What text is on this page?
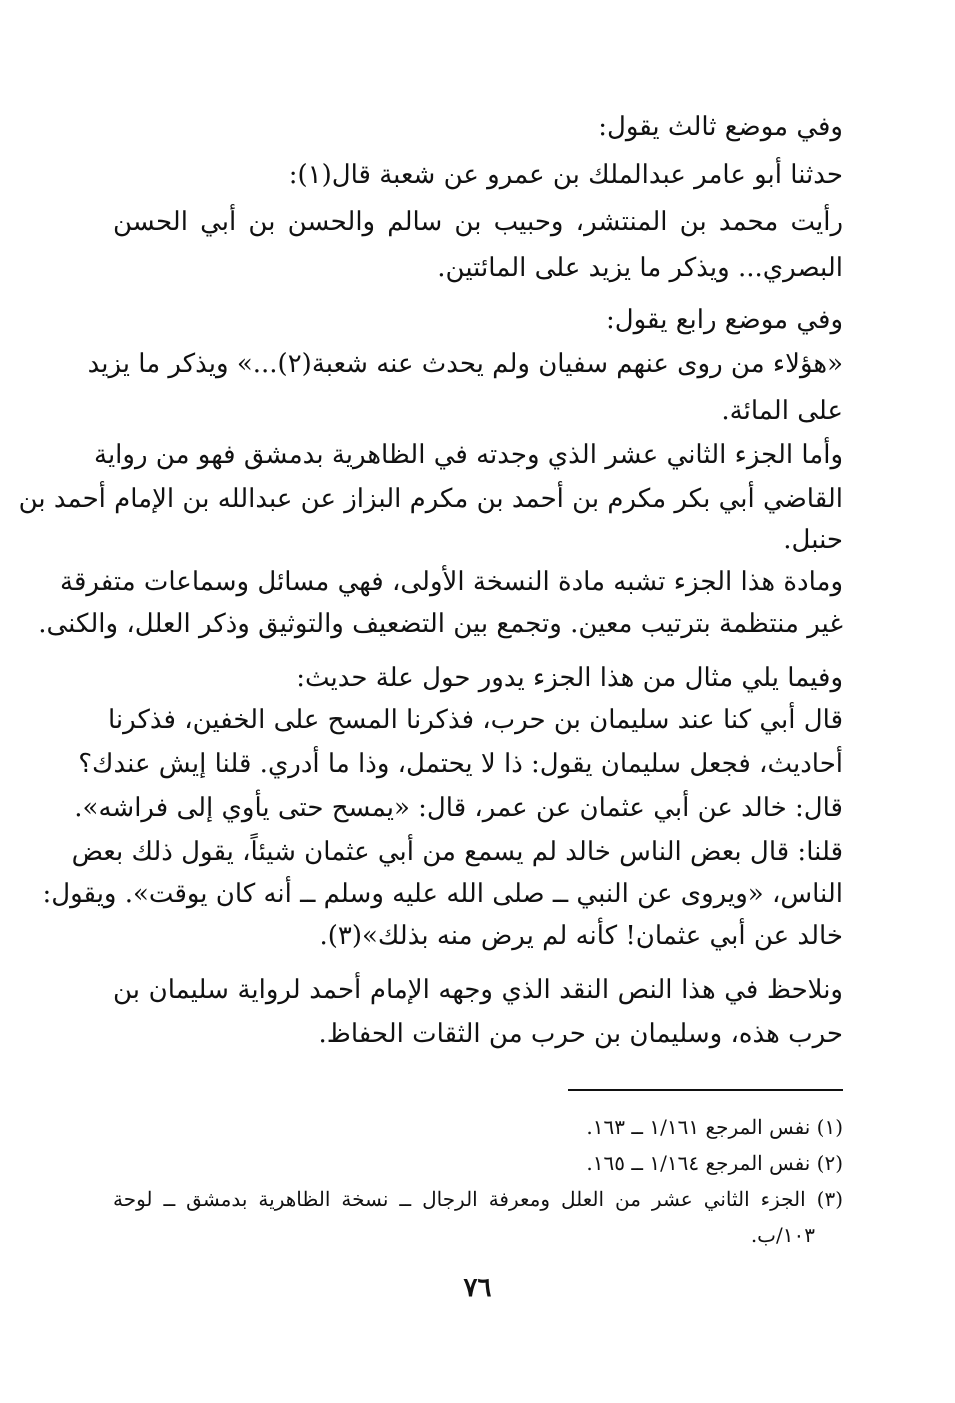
وفي موضع ثالث يقول:
حدثنا أبو عامر عبدالملك بن عمرو عن شعبة قال(١):
رأيت محمد بن المنتشر، وحبيب بن سالم والحسن بن أبي الحسن
البصري... ويذكر ما يزيد على المائتين.
وفي موضع رابع يقول:
«هؤلاء من روى عنهم سفيان ولم يحدث عنه شعبة(٢)...» ويذكر ما يزيد
على المائة.
وأما الجزء الثاني عشر الذي وجدته في الظاهرية بدمشق فهو من رواية
القاضي أبي بكر مكرم بن أحمد بن مكرم البزاز عن عبدالله بن الإمام أحمد بن
حنبل.
ومادة هذا الجزء تشبه مادة النسخة الأولى، فهي مسائل وسماعات متفرقة
غير منتظمة بترتيب معين. وتجمع بين التضعيف والتوثيق وذكر العلل، والكنى.
وفيما يلي مثال من هذا الجزء يدور حول علة حديث:
قال أبي كنا عند سليمان بن حرب، فذكرنا المسح على الخفين، فذكرنا
أحاديث، فجعل سليمان يقول: ذا لا يحتمل، وذا ما أدري. قلنا إيش عندك؟
قال: خالد عن أبي عثمان عن عمر، قال: «يمسح حتى يأوي إلى فراشه».
قلنا: قال بعض الناس خالد لم يسمع من أبي عثمان شيئاً، يقول ذلك بعض
الناس، «ويروى عن النبي ــ صلى الله عليه وسلم ــ أنه كان يوقت». ويقول:
خالد عن أبي عثمان! كأنه لم يرض منه بذلك»(٣).
ونلاحظ في هذا النص النقد الذي وجهه الإمام أحمد لرواية سليمان بن
حرب هذه، وسليمان بن حرب من الثقات الحفاظ.
(١) نفس المرجع ١/١٦١ ــ ١٦٣.
(٢) نفس المرجع ١/١٦٤ ــ ١٦٥.
(٣) الجزء الثاني عشر من العلل ومعرفة الرجال ــ نسخة الظاهرية بدمشق ــ لوحة
١٠٣/ب.
٧٦
